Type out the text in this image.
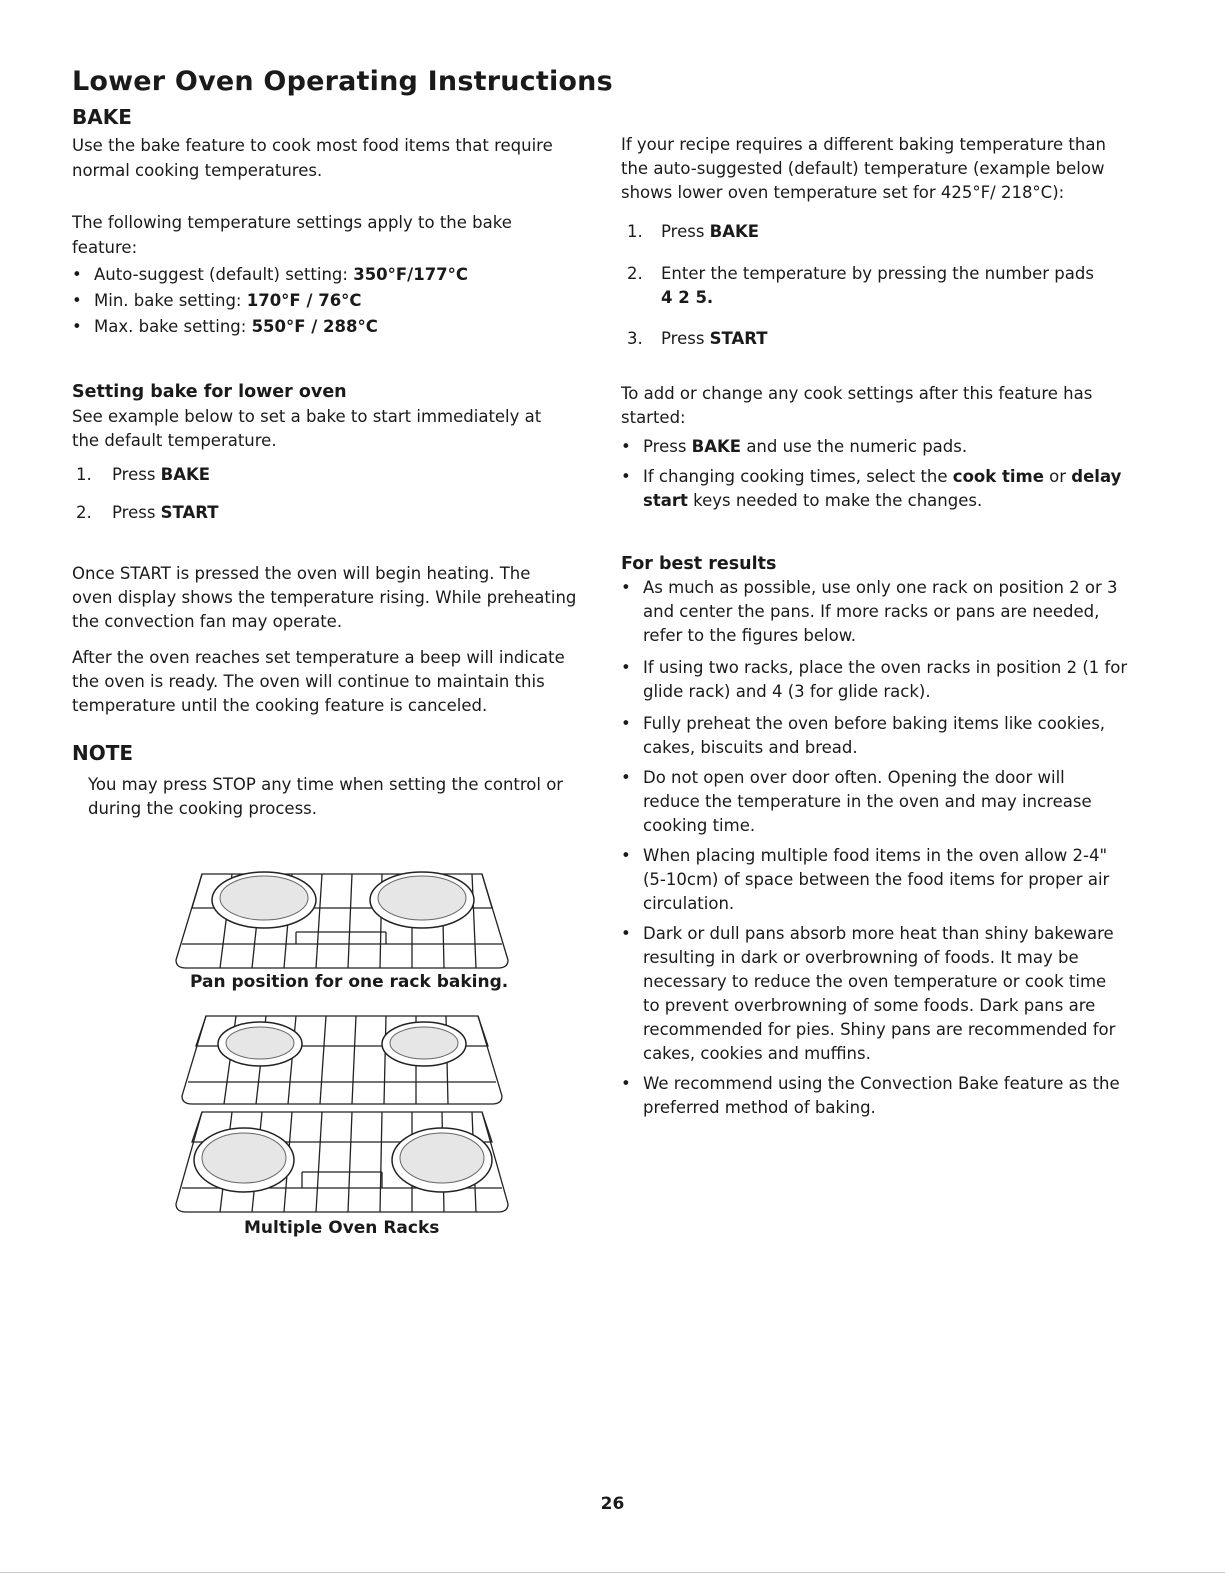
Lower Oven Operating Instructions
BAKE
Use the bake feature to cook most food items that require
normal cooking temperatures.
The following temperature settings apply to the bake
feature:
• Auto-suggest (default) setting: 350°F/177°C
• Min. bake setting: 170°F / 76°C
• Max. bake setting: 550°F / 288°C
Setting bake for lower oven
See example below to set a bake to start immediately at
the default temperature.
1. Press BAKE
2. Press START
Once START is pressed the oven will begin heating. The
oven display shows the temperature rising. While preheating
the convection fan may operate.
After the oven reaches set temperature a beep will indicate
the oven is ready. The oven will continue to maintain this
temperature until the cooking feature is canceled.
NOTE
You may press STOP any time when setting the control or
during the cooking process.
Pan position for one rack baking.
Multiple Oven Racks
If your recipe requires a different baking temperature than
the auto-suggested (default) temperature (example below
shows lower oven temperature set for 425°F/ 218°C):
1. Press BAKE
2. Enter the temperature by pressing the number pads
4 2 5.
3. Press START
To add or change any cook settings after this feature has
started:
• Press BAKE and use the numeric pads.
• If changing cooking times, select the cook time or delay
start keys needed to make the changes.
For best results
• As much as possible, use only one rack on position 2 or 3
and center the pans. If more racks or pans are needed,
refer to the figures below.
• If using two racks, place the oven racks in position 2 (1 for
glide rack) and 4 (3 for glide rack).
• Fully preheat the oven before baking items like cookies,
cakes, biscuits and bread.
• Do not open over door often. Opening the door will
reduce the temperature in the oven and may increase
cooking time.
• When placing multiple food items in the oven allow 2-4"
(5-10cm) of space between the food items for proper air
circulation.
• Dark or dull pans absorb more heat than shiny bakeware
resulting in dark or overbrowning of foods. It may be
necessary to reduce the oven temperature or cook time
to prevent overbrowning of some foods. Dark pans are
recommended for pies. Shiny pans are recommended for
cakes, cookies and muffins.
• We recommend using the Convection Bake feature as the
preferred method of baking.
26
